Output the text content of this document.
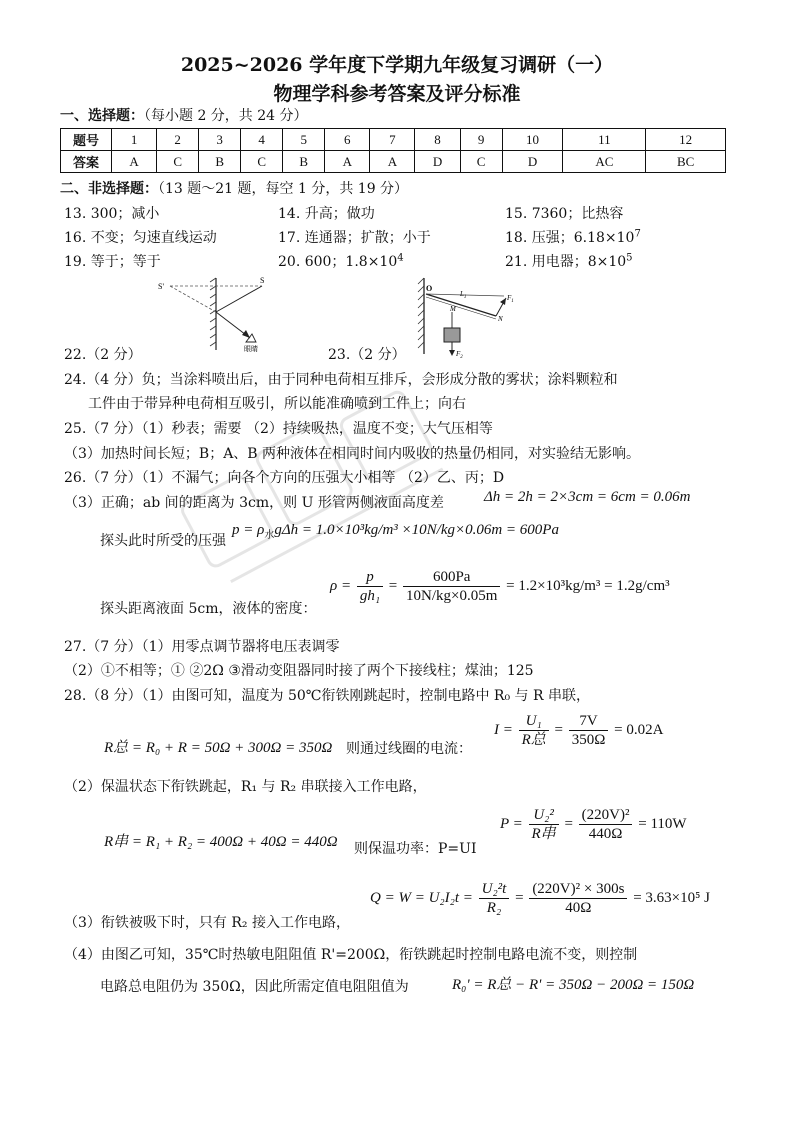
2025~2026 学年度下学期九年级复习调研（一）
物理学科参考答案及评分标准
一、选择题：（每小题 2 分，共 24 分）
题号	1	2	3	4	5	6	7	8	9	10	11	12
答案	A	C	B	C	B	A	A	D	C	D	AC	BC
二、非选择题：（13 题～21 题，每空 1 分，共 19 分）
13. 300；减小	14. 升高；做功	15. 7360；比热容
16. 不变；匀速直线运动	17. 连通器；扩散；小于	18. 压强；$6.18\times 10^7$
19. 等于；等于	20. 600；$1.8\times 10^4$	21. 用电器；$8\times 10^5$
S'
S
眼睛
O
$L_1$	$F_1$
M
N
$F_2$
22.（2 分）	23.（2 分）
24.（4 分）负；当涂料喷出后，由于同种电荷相互排斥，会形成分散的雾状；涂料颗粒和
工件由于带异种电荷相互吸引，所以能准确喷到工件上；向右
25.（7 分）（1）秒表；需要 （2）持续吸热，温度不变；大气压相等
（3）加热时间长短；B；A、B 两种液体在相同时间内吸收的热量仍相同，对实验结无影响。
26.（7 分）（1）不漏气；向各个方向的压强大小相等 （2）乙、丙；D
（3）正确；ab 间的距离为 3cm，则 U 形管两侧液面高度差	Δh = 2h = 2×3cm = 6cm = 0.06m
探头此时所受的压强
$p = \rho_水g\Delta h = 1.0\times 10^3kg/m^3 \times 10N/kg\times 0.06m = 600Pa$
探头距离液面 5cm，液体的密度：
$\rho = \frac{p}{\text{gh₁}} = \frac{600Pa}{10N/kg\times 0.05m} = 1.2\times 10^3kg/m^3 = 1.2g/cm^3$
27.（7 分）（1）用零点调节器将电压表调零
（2）①不相等；① ②2Ω ③滑动变阻器同时接了两个下接线柱；煤油；125
28.（8 分）（1）由图可知，温度为 50℃衔铁刚跳起时，控制电路中 R₀ 与 R 串联，
R总 = R₀ + R = 50Ω + 300Ω = 350Ω 则通过线圈的电流：
$I = \frac{\text{U₁}}{\text{R总}} = \frac{7V}{350\Omega} = 0.02A$
（2）保温状态下衔铁跳起，R₁ 与 R₂ 串联接入工作电路，
R串 = R₁ + R₂ = 400Ω + 40Ω = 440Ω 则保温功率：P=UI
$P = \frac{\text{U₂²}}{\text{R串}} = \frac{\text{(220V)²}}{440\Omega} = 110W$
$Q = W = U_2I_2t = \frac{\text{U₂²t}}{\text{R₂}} = \frac{\text{(220V)² × 300s}}{40\Omega} = 3.63\times 10^5$ J
（3）衔铁被吸下时，只有 R₂ 接入工作电路，
（4）由图乙可知，35℃时热敏电阻阻值 R'=200Ω，衔铁跳起时控制电路电流不变，则控制
电路总电阻仍为 350Ω，因此所需定值电阻阻值为	R₀' = R总 − R' = 350Ω − 200Ω = 150Ω
